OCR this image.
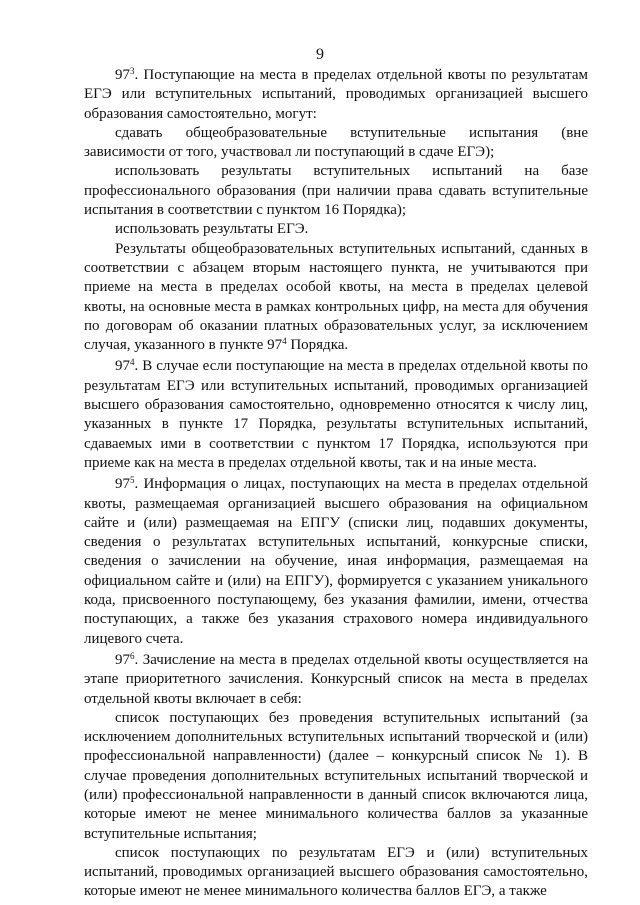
9

$97^3$. Поступающие на места в пределах отдельной квоты по результатам ЕГЭ или вступительных испытаний, проводимых организацией высшего образования самостоятельно, могут:

сдавать общеобразовательные вступительные испытания (вне зависимости от того, участвовал ли поступающий в сдаче ЕГЭ);

использовать результаты вступительных испытаний на базе профессионального образования (при наличии права сдавать вступительные испытания в соответствии с пунктом 16 Порядка);

использовать результаты ЕГЭ.

Результаты общеобразовательных вступительных испытаний, сданных в соответствии с абзацем вторым настоящего пункта, не учитываются при приеме на места в пределах особой квоты, на места в пределах целевой квоты, на основные места в рамках контрольных цифр, на места для обучения по договорам об оказании платных образовательных услуг, за исключением случая, указанного в пункте $97^4$ Порядка.

$97^4$. В случае если поступающие на места в пределах отдельной квоты по результатам ЕГЭ или вступительных испытаний, проводимых организацией высшего образования самостоятельно, одновременно относятся к числу лиц, указанных в пункте 17 Порядка, результаты вступительных испытаний, сдаваемых ими в соответствии с пунктом 17 Порядка, используются при приеме как на места в пределах отдельной квоты, так и на иные места.

$97^5$. Информация о лицах, поступающих на места в пределах отдельной квоты, размещаемая организацией высшего образования на официальном сайте и (или) размещаемая на ЕПГУ (списки лиц, подавших документы, сведения о результатах вступительных испытаний, конкурсные списки, сведения о зачислении на обучение, иная информация, размещаемая на официальном сайте и (или) на ЕПГУ), формируется с указанием уникального кода, присвоенного поступающему, без указания фамилии, имени, отчества поступающих, а также без указания страхового номера индивидуального лицевого счета.

$97^6$. Зачисление на места в пределах отдельной квоты осуществляется на этапе приоритетного зачисления. Конкурсный список на места в пределах отдельной квоты включает в себя:

список поступающих без проведения вступительных испытаний (за исключением дополнительных вступительных испытаний творческой и (или) профессиональной направленности) (далее – конкурсный список № 1). В случае проведения дополнительных вступительных испытаний творческой и (или) профессиональной направленности в данный список включаются лица, которые имеют не менее минимального количества баллов за указанные вступительные испытания;

список поступающих по результатам ЕГЭ и (или) вступительных испытаний, проводимых организацией высшего образования самостоятельно, которые имеют не менее минимального количества баллов ЕГЭ, а также
